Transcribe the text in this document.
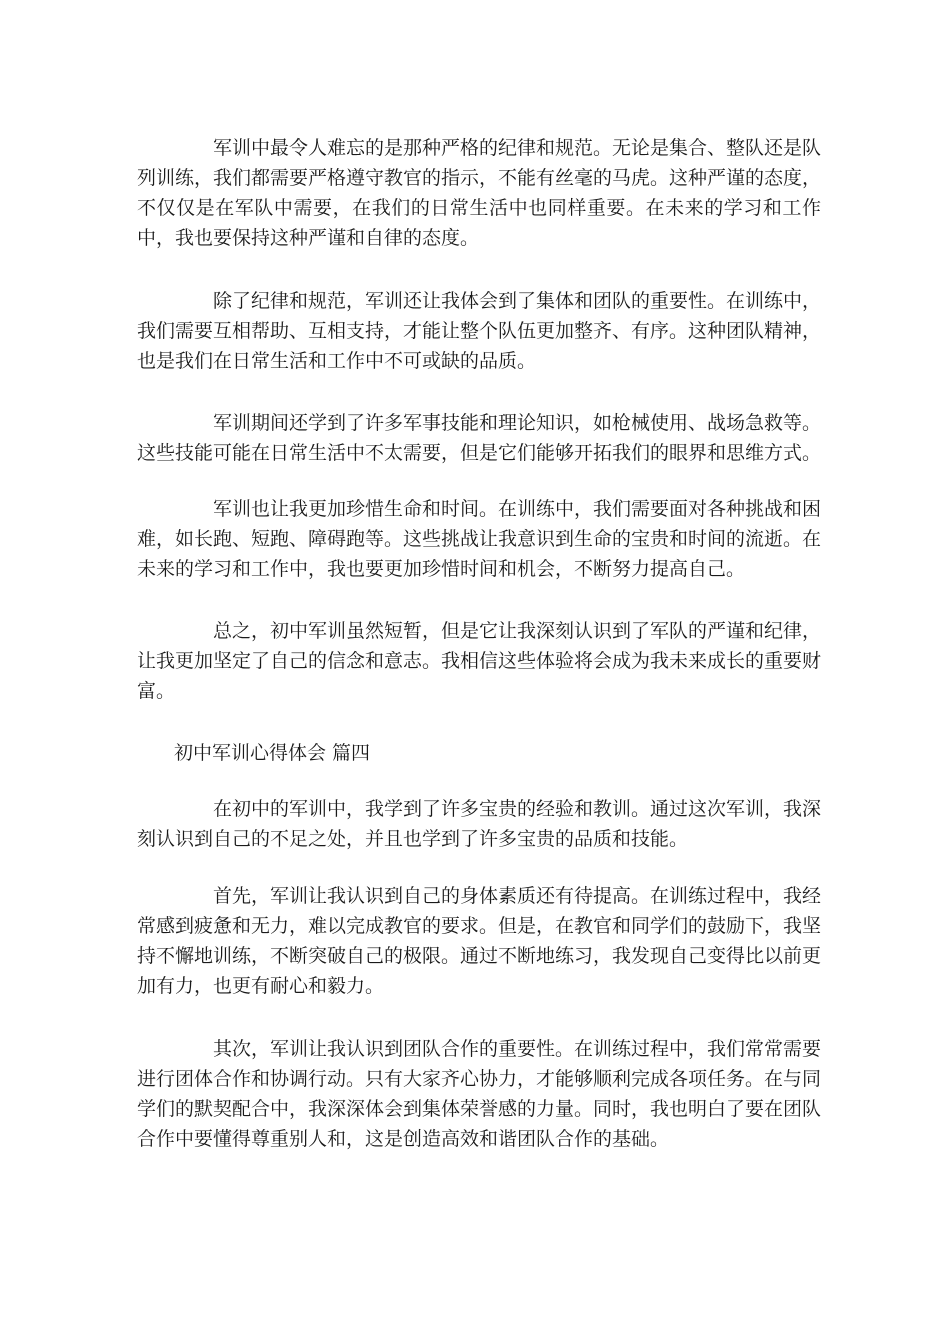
军训中最令人难忘的是那种严格的纪律和规范。无论是集合、整队还是队列训练，我们都需要严格遵守教官的指示，不能有丝毫的马虎。这种严谨的态度，不仅仅是在军队中需要，在我们的日常生活中也同样重要。在未来的学习和工作中，我也要保持这种严谨和自律的态度。

除了纪律和规范，军训还让我体会到了集体和团队的重要性。在训练中，我们需要互相帮助、互相支持，才能让整个队伍更加整齐、有序。这种团队精神，也是我们在日常生活和工作中不可或缺的品质。

军训期间还学到了许多军事技能和理论知识，如枪械使用、战场急救等。这些技能可能在日常生活中不太需要，但是它们能够开拓我们的眼界和思维方式。

军训也让我更加珍惜生命和时间。在训练中，我们需要面对各种挑战和困难，如长跑、短跑、障碍跑等。这些挑战让我意识到生命的宝贵和时间的流逝。在未来的学习和工作中，我也要更加珍惜时间和机会，不断努力提高自己。

总之，初中军训虽然短暂，但是它让我深刻认识到了军队的严谨和纪律，让我更加坚定了自己的信念和意志。我相信这些体验将会成为我未来成长的重要财富。

初中军训心得体会 篇四

在初中的军训中，我学到了许多宝贵的经验和教训。通过这次军训，我深刻认识到自己的不足之处，并且也学到了许多宝贵的品质和技能。

首先，军训让我认识到自己的身体素质还有待提高。在训练过程中，我经常感到疲惫和无力，难以完成教官的要求。但是，在教官和同学们的鼓励下，我坚持不懈地训练，不断突破自己的极限。通过不断地练习，我发现自己变得比以前更加有力，也更有耐心和毅力。

其次，军训让我认识到团队合作的重要性。在训练过程中，我们常常需要进行团体合作和协调行动。只有大家齐心协力，才能够顺利完成各项任务。在与同学们的默契配合中，我深深体会到集体荣誉感的力量。同时，我也明白了要在团队合作中要懂得尊重别人和，这是创造高效和谐团队合作的基础。
